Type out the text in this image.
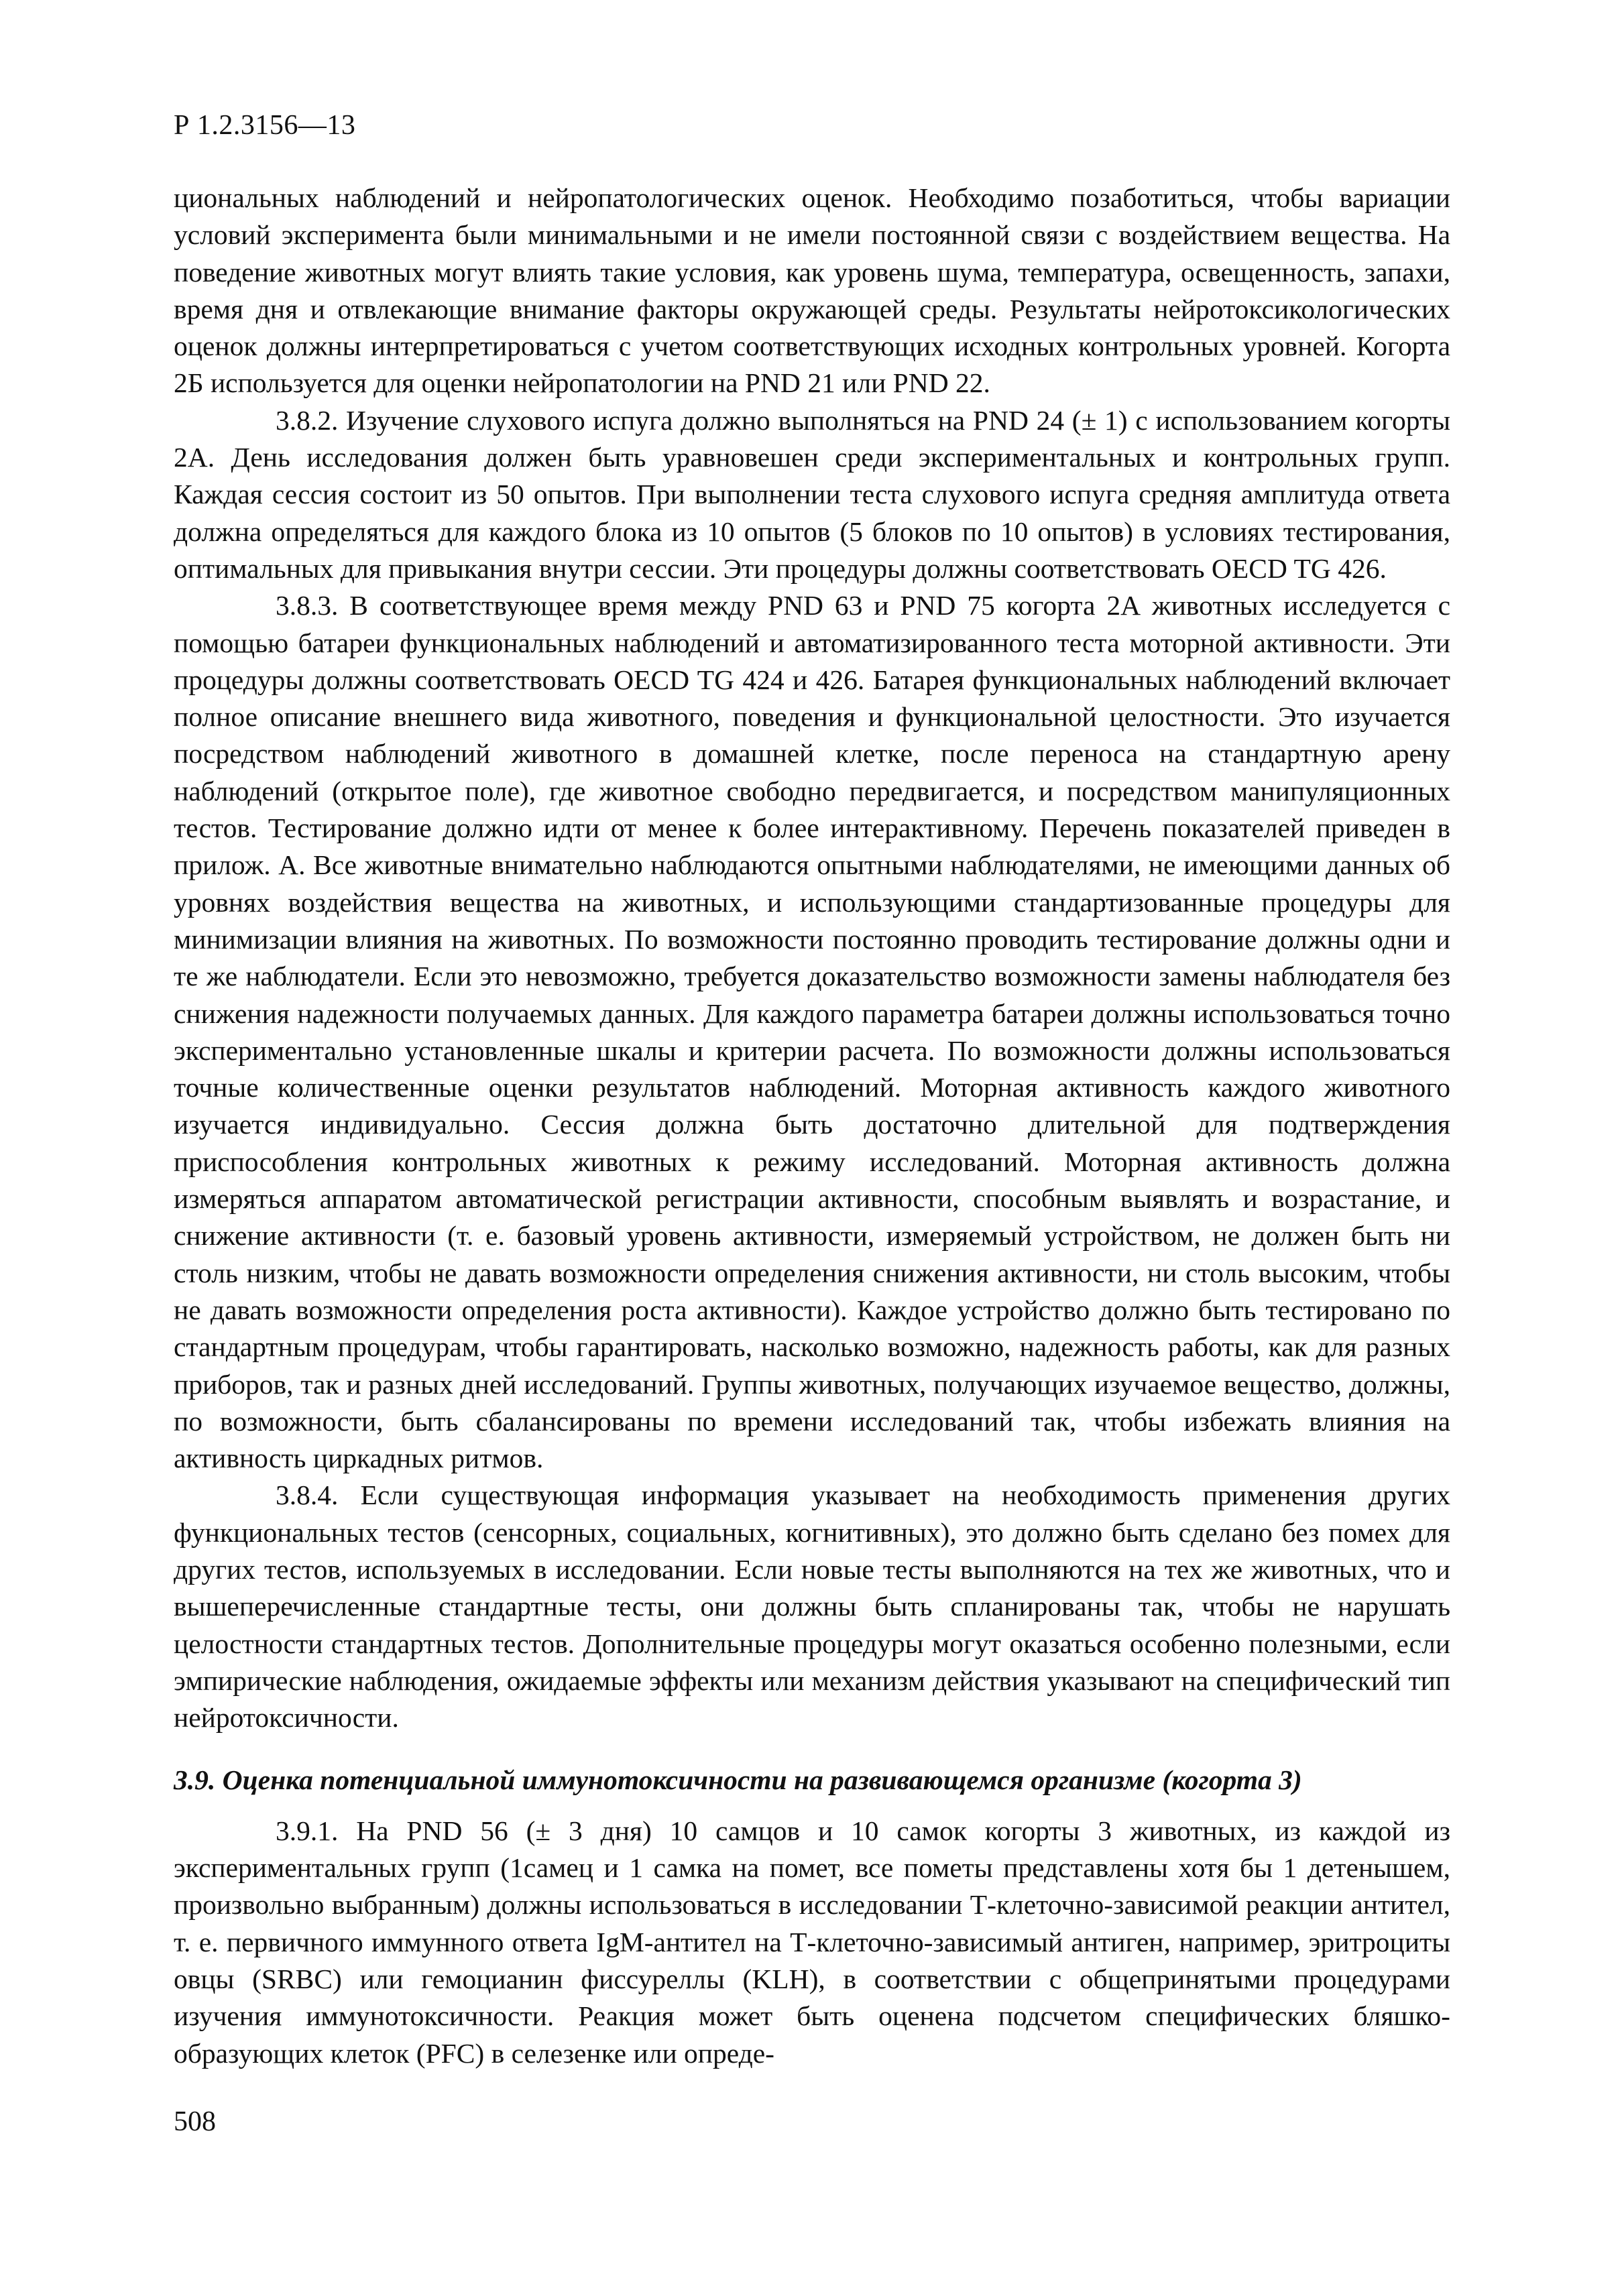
Р 1.2.3156—13

циональных наблюдений и нейропатологических оценок. Необходимо позаботиться, чтобы вариации условий эксперимента были минимальными и не имели постоянной связи с воздействием вещества. На поведение животных могут влиять такие условия, как уровень шума, температура, освещенность, запахи, время дня и отвлекающие внимание факторы окружающей среды. Результаты нейротоксикологических оценок должны интерпретироваться с учетом соответствующих исходных контрольных уровней. Когорта 2Б используется для оценки нейропатологии на PND 21 или PND 22.

3.8.2. Изучение слухового испуга должно выполняться на PND 24 (± 1) с использованием когорты 2А. День исследования должен быть уравновешен среди экспериментальных и контрольных групп. Каждая сессия состоит из 50 опытов. При выполнении теста слухового испуга средняя амплитуда ответа должна определяться для каждого блока из 10 опытов (5 блоков по 10 опытов) в условиях тестирования, оптимальных для привыкания внутри сессии. Эти процедуры должны соответствовать OECD TG 426.

3.8.3. В соответствующее время между PND 63 и PND 75 когорта 2А животных исследуется с помощью батареи функциональных наблюдений и автоматизированного теста моторной активности. Эти процедуры должны соответствовать OECD TG 424 и 426. Батарея функциональных наблюдений включает полное описание внешнего вида животного, поведения и функциональной целостности. Это изучается посредством наблюдений животного в домашней клетке, после переноса на стандартную арену наблюдений (открытое поле), где животное свободно передвигается, и посредством манипуляционных тестов. Тестирование должно идти от менее к более интерактивному. Перечень показателей приведен в прилож. А. Все животные внимательно наблюдаются опытными наблюдателями, не имеющими данных об уровнях воздействия вещества на животных, и использующими стандартизованные процедуры для минимизации влияния на животных. По возможности постоянно проводить тестирование должны одни и те же наблюдатели. Если это невозможно, требуется доказательство возможности замены наблюдателя без снижения надежности получаемых данных. Для каждого параметра батареи должны использоваться точно экспериментально установленные шкалы и критерии расчета. По возможности должны использоваться точные количественные оценки результатов наблюдений. Моторная активность каждого животного изучается индивидуально. Сессия должна быть достаточно длительной для подтверждения приспособления контрольных животных к режиму исследований. Моторная активность должна измеряться аппаратом автоматической регистрации активности, способным выявлять и возрастание, и снижение активности (т. е. базовый уровень активности, измеряемый устройством, не должен быть ни столь низким, чтобы не давать возможности определения снижения активности, ни столь высоким, чтобы не давать возможности определения роста активности). Каждое устройство должно быть тестировано по стандартным процедурам, чтобы гарантировать, насколько возможно, надежность работы, как для разных приборов, так и разных дней исследований. Группы животных, получающих изучаемое вещество, должны, по возможности, быть сбалансированы по времени исследований так, чтобы избежать влияния на активность циркадных ритмов.

3.8.4. Если существующая информация указывает на необходимость применения других функциональных тестов (сенсорных, социальных, когнитивных), это должно быть сделано без помех для других тестов, используемых в исследовании. Если новые тесты выполняются на тех же животных, что и вышеперечисленные стандартные тесты, они должны быть спланированы так, чтобы не нарушать целостности стандартных тестов. Дополнительные процедуры могут оказаться особенно полезными, если эмпирические наблюдения, ожидаемые эффекты или механизм действия указывают на специфический тип нейротоксичности.

3.9. Оценка потенциальной иммунотоксичности на развивающемся организме (когорта 3)

3.9.1. На PND 56 (± 3 дня) 10 самцов и 10 самок когорты 3 животных, из каждой из экспериментальных групп (1самец и 1 самка на помет, все пометы представлены хотя бы 1 детенышем, произвольно выбранным) должны использоваться в исследовании Т-клеточно-зависимой реакции антител, т. е. первичного иммунного ответа IgM-антител на Т-клеточно-зависимый антиген, например, эритроциты овцы (SRBC) или гемоцианин фиссуреллы (KLH), в соответствии с общепринятыми процедурами изучения иммунотоксичности. Реакция может быть оценена подсчетом специфических бляшко-образующих клеток (PFC) в селезенке или опреде-

508
